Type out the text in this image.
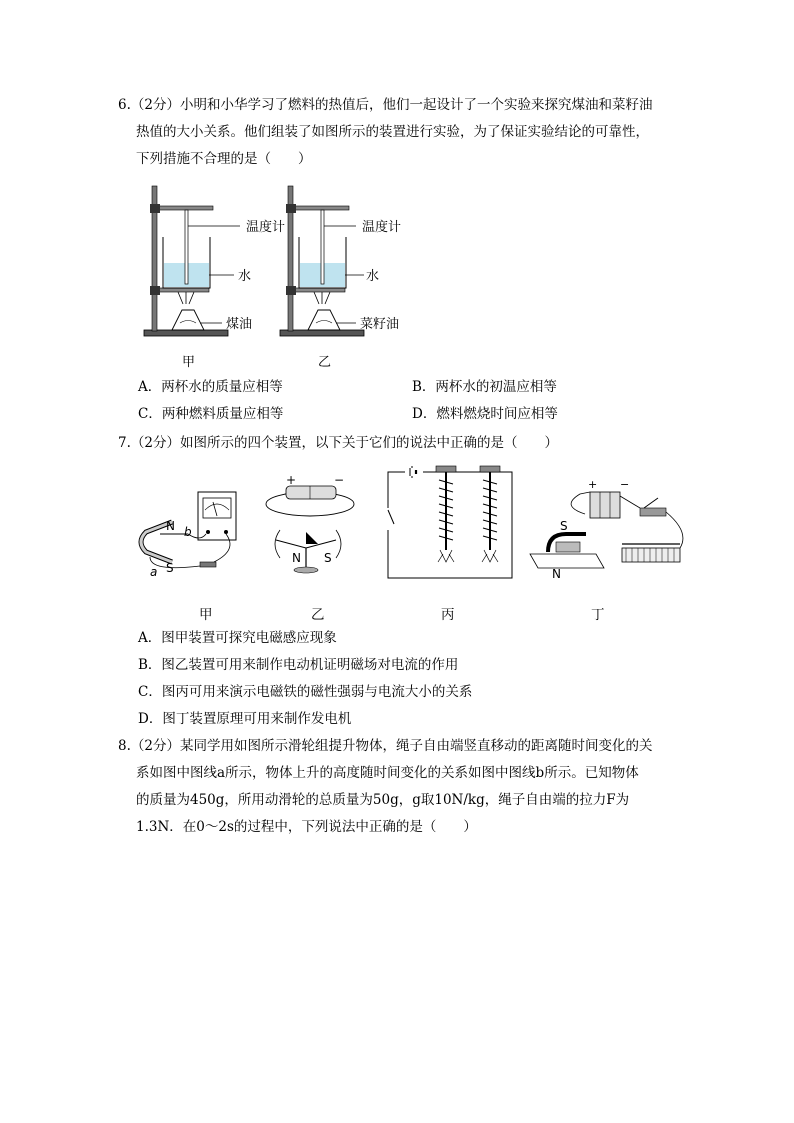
6.（2分）小明和小华学习了燃料的热值后，他们一起设计了一个实验来探究煤油和菜籽油

热值的大小关系。他们组装了如图所示的装置进行实验，为了保证实验结论的可靠性，

下列措施不合理的是（　　）

温度计
水
煤油
甲
温度计
水
菜籽油
乙
A．两杯水的质量应相等	B．两杯水的初温应相等
C．两种燃料质量应相等	D．燃料燃烧时间应相等

7.（2分）如图所示的四个装置，以下关于它们的说法中正确的是（　　）

N b
a S
+	−
N S
S
N
+ −
甲	乙	丙	丁
A．图甲装置可探究电磁感应现象
B．图乙装置可用来制作电动机证明磁场对电流的作用
C．图丙可用来演示电磁铁的磁性强弱与电流大小的关系
D．图丁装置原理可用来制作发电机

8.（2分）某同学用如图所示滑轮组提升物体，绳子自由端竖直移动的距离随时间变化的关

系如图中图线a所示，物体上升的高度随时间变化的关系如图中图线b所示。已知物体

的质量为450g，所用动滑轮的总质量为50g，g取10N/kg，绳子自由端的拉力F为

1.3N．在0～2s的过程中，下列说法中正确的是（　　）
